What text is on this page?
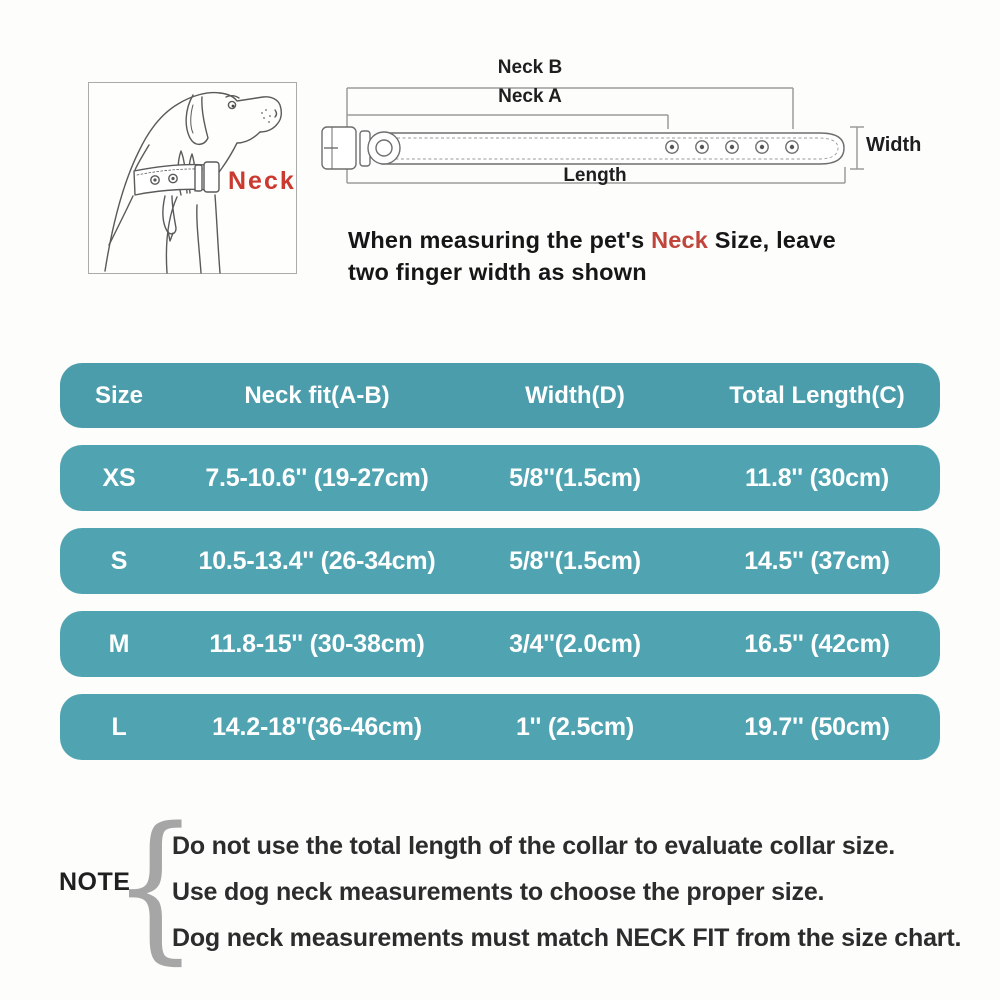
Neck
Neck B
Neck A
Length
Width
When measuring the pet's Neck Size, leave
two finger width as shown
Size	Neck fit(A-B)	Width(D)	Total Length(C)
XS	7.5-10.6'' (19-27cm)	5/8''(1.5cm)	11.8'' (30cm)
S	10.5-13.4'' (26-34cm)	5/8''(1.5cm)	14.5'' (37cm)
M	11.8-15'' (30-38cm)	3/4''(2.0cm)	16.5'' (42cm)
L	14.2-18''(36-46cm)	1'' (2.5cm)	19.7'' (50cm)
NOTE
{
Do not use the total length of the collar to evaluate collar size.
Use dog neck measurements to choose the proper size.
Dog neck measurements must match NECK FIT from the size chart.
